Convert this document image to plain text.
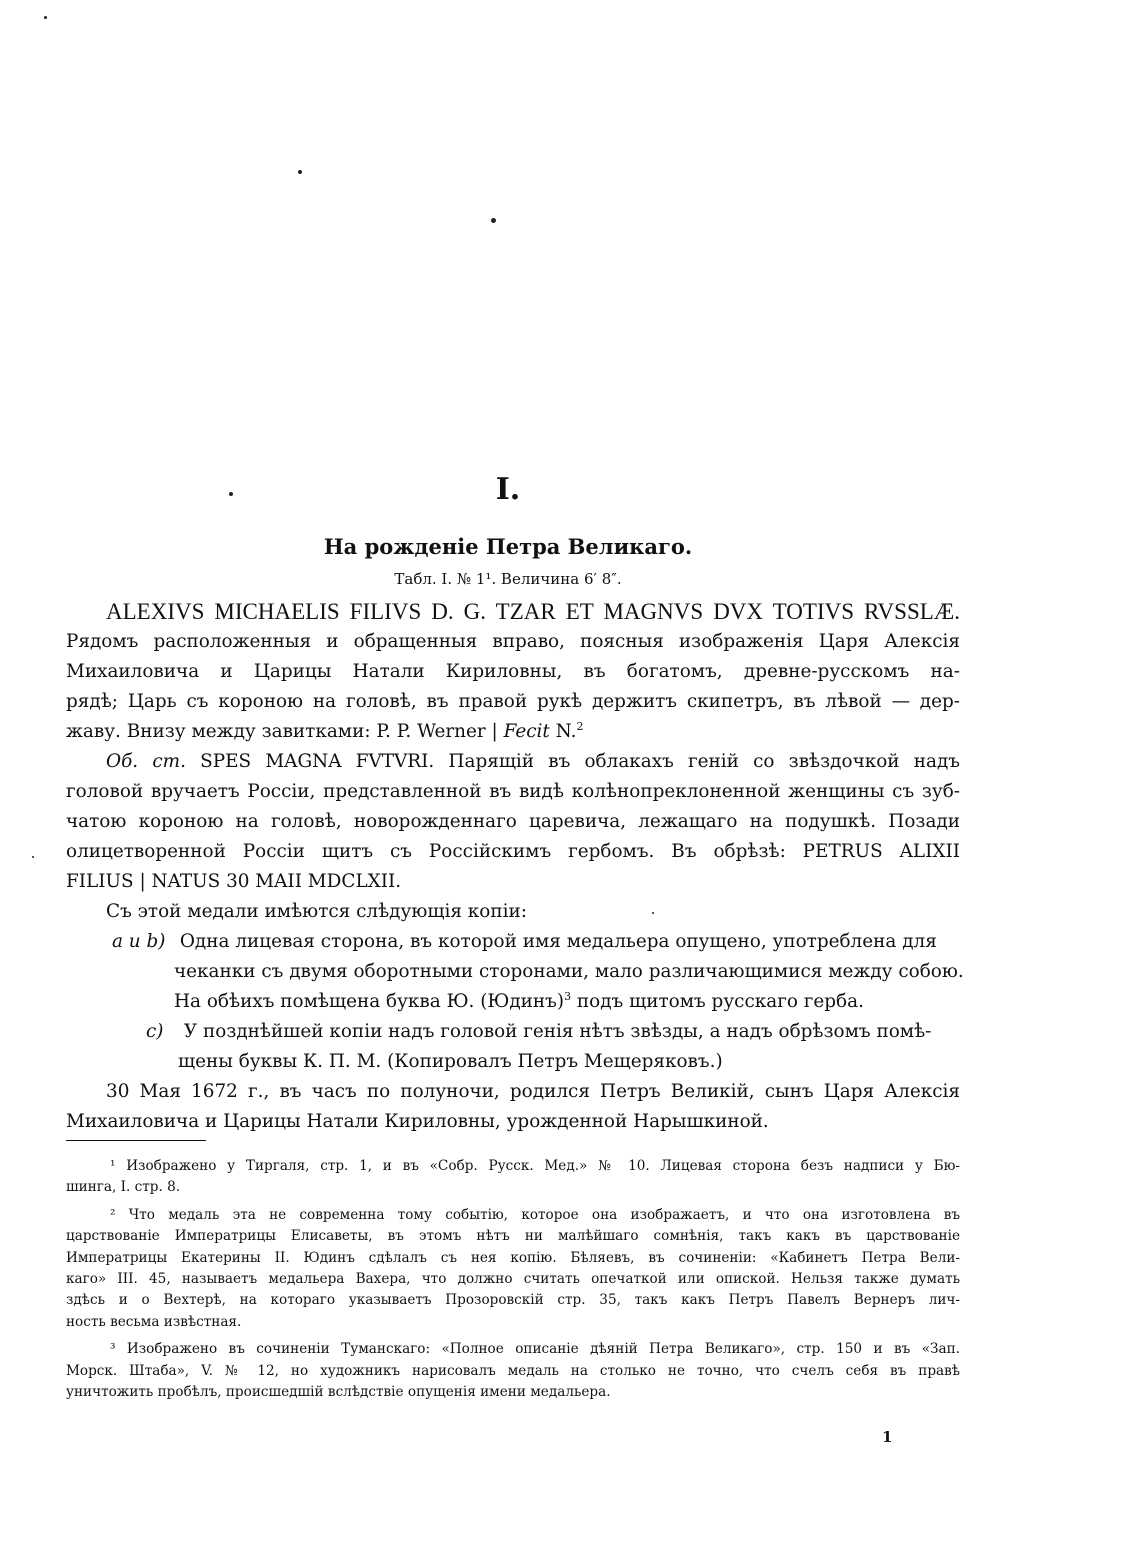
I.
На рожденіе Петра Великаго.
Табл. I. № 1¹. Величина 6′ 8″.
ALEXIVS MICHAELIS FILIVS D. G. TZAR ET MAGNVS DVX TOTIVS RVSSLÆ.
Рядомъ расположенныя и обращенныя вправо, поясныя изображенія Царя Алексія
Михаиловича и Царицы Натали Кириловны, въ богатомъ, древне-русскомъ на-
рядѣ; Царь съ короною на головѣ, въ правой рукѣ держитъ скипетръ, въ лѣвой — дер-
жаву. Внизу между завитками: P. P. Werner | Fecit N.$^2$
Об. ст. SPES MAGNA FVTVRI. Парящій въ облакахъ геній со звѣздочкой надъ
головой вручаетъ Россіи, представленной въ видѣ колѣнопреклоненной женщины съ зуб-
чатою короною на головѣ, новорожденнаго царевича, лежащаго на подушкѣ. Позади
олицетворенной Россіи щитъ съ Россійскимъ гербомъ. Въ обрѣзѣ: PETRUS ALIXII
FILIUS | NATUS 30 MAII MDCLXII.
Съ этой медали имѣются слѣдующія копіи:
a и b) Одна лицевая сторона, въ которой имя медальера опущено, употреблена для
чеканки съ двумя оборотными сторонами, мало различающимися между собою.
На обѣихъ помѣщена буква Ю. (Юдинъ)$^3$ подъ щитомъ русскаго герба.
c) У позднѣйшей копіи надъ головой генія нѣтъ звѣзды, а надъ обрѣзомъ помѣ-
щены буквы К. П. М. (Копировалъ Петръ Мещеряковъ.)
30 Мая 1672 г., въ часъ по полуночи, родился Петръ Великій, сынъ Царя Алексія
Михаиловича и Царицы Натали Кириловны, урожденной Нарышкиной.
¹ Изображено у Тиргаля, стр. 1, и въ «Собр. Русск. Мед.» № 10. Лицевая сторона безъ надписи у Бю-
шинга, I. стр. 8.
² Что медаль эта не современна тому событію, которое она изображаетъ, и что она изготовлена въ
царствованіе Императрицы Елисаветы, въ этомъ нѣтъ ни малѣйшаго сомнѣнія, такъ какъ въ царствованіе
Императрицы Екатерины II. Юдинъ сдѣлалъ съ нея копію. Бѣляевъ, въ сочиненіи: «Кабинетъ Петра Вели-
каго» III. 45, называетъ медальера Вахера, что должно считать опечаткой или опиской. Нельзя также думать
здѣсь и о Вехтерѣ, на котораго указываетъ Прозоровскій стр. 35, такъ какъ Петръ Павелъ Вернеръ лич-
ность весьма извѣстная.
³ Изображено въ сочиненіи Туманскаго: «Полное описаніе дѣяній Петра Великаго», стр. 150 и въ «Зап.
Морск. Штаба», V. № 12, но художникъ нарисовалъ медаль на столько не точно, что счелъ себя въ правѣ
уничтожить пробѣлъ, происшедшій вслѣдствіе опущенія имени медальера.
1
